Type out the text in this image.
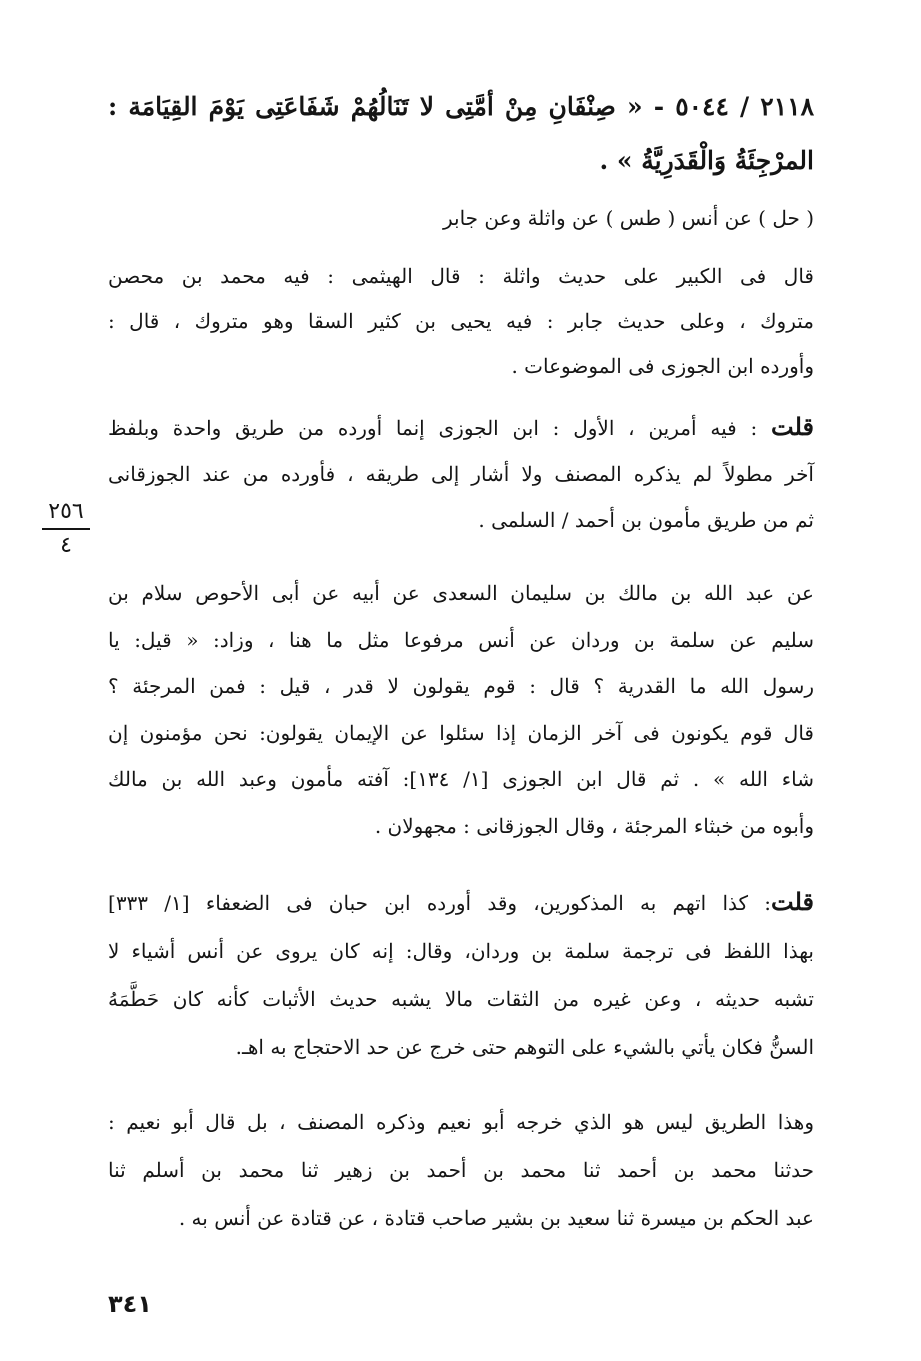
٢١١٨ / ٥٠٤٤ - « صِنْفَانِ مِنْ أمَّتِى لا تَنَالُهُمْ شَفَاعَتِى يَوْمَ القِيَامَة :
المرْجِئَةُ وَالْقَدَرِيَّةُ » .
( حل ) عن أنس ( طس ) عن واثلة وعن جابر
قال فى الكبير على حديث واثلة : قال الهيثمى : فيه محمد بن محصن
متروك ، وعلى حديث جابر : فيه يحيى بن كثير السقا وهو متروك ، قال :
وأورده ابن الجوزى فى الموضوعات .
قلت : فيه أمرين ، الأول : ابن الجوزى إنما أورده من طريق واحدة وبلفظ
آخر مطولاً لم يذكره المصنف ولا أشار إلى طريقه ، فأورده من عند الجوزقانى
ثم من طريق مأمون بن أحمد / السلمى .
٢٥٦
٤
عن عبد الله بن مالك بن سليمان السعدى عن أبيه عن أبى الأحوص سلام بن
سليم عن سلمة بن وردان عن أنس مرفوعا مثل ما هنا ، وزاد: « قيل: يا
رسول الله ما القدرية ؟ قال : قوم يقولون لا قدر ، قيل : فمن المرجئة ؟
قال قوم يكونون فى آخر الزمان إذا سئلوا عن الإيمان يقولون: نحن مؤمنون إن
شاء الله » . ثم قال ابن الجوزى [١/ ١٣٤]: آفته مأمون وعبد الله بن مالك
وأبوه من خبثاء المرجئة ، وقال الجوزقانى : مجهولان .
قلت: كذا اتهم به المذكورين، وقد أورده ابن حبان فى الضعفاء [١/ ٣٣٣]
بهذا اللفظ فى ترجمة سلمة بن وردان، وقال: إنه كان يروى عن أنس أشياء لا
تشبه حديثه ، وعن غيره من الثقات مالا يشبه حديث الأثبات كأنه كان حَطَّمَهُ
السنُّ فكان يأتي بالشيء على التوهم حتى خرج عن حد الاحتجاج به اهـ.
وهذا الطريق ليس هو الذي خرجه أبو نعيم وذكره المصنف ، بل قال أبو نعيم :
حدثنا محمد بن أحمد ثنا محمد بن أحمد بن زهير ثنا محمد بن أسلم ثنا
عبد الحكم بن ميسرة ثنا سعيد بن بشير صاحب قتادة ، عن قتادة عن أنس به .
٣٤١
